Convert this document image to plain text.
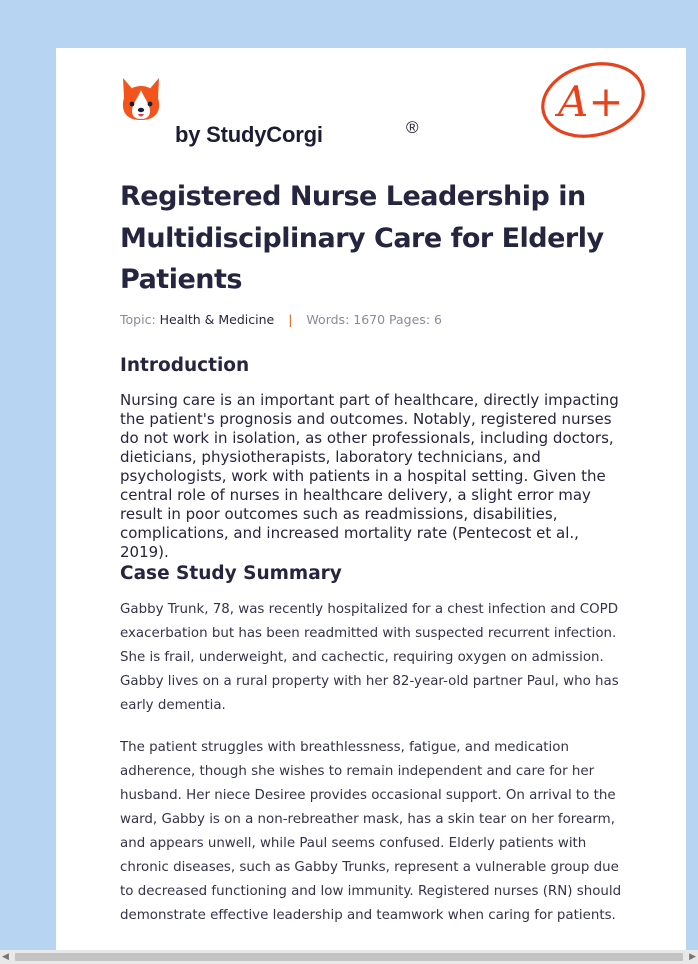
by StudyCorgi	®
A+
Registered Nurse Leadership in Multidisciplinary Care for Elderly Patients
Topic: Health & Medicine | Words: 1670 Pages: 6
Introduction

Nursing care is an important part of healthcare, directly impacting the patient's prognosis and outcomes. Notably, registered nurses do not work in isolation, as other professionals, including doctors, dieticians, physiotherapists, laboratory technicians, and psychologists, work with patients in a hospital setting. Given the central role of nurses in healthcare delivery, a slight error may result in poor outcomes such as readmissions, disabilities, complications, and increased mortality rate (Pentecost et al., 2019).

Case Study Summary

Gabby Trunk, 78, was recently hospitalized for a chest infection and COPD exacerbation but has been readmitted with suspected recurrent infection. She is frail, underweight, and cachectic, requiring oxygen on admission. Gabby lives on a rural property with her 82-year-old partner Paul, who has early dementia.

The patient struggles with breathlessness, fatigue, and medication adherence, though she wishes to remain independent and care for her husband. Her niece Desiree provides occasional support. On arrival to the ward, Gabby is on a non-rebreather mask, has a skin tear on her forearm, and appears unwell, while Paul seems confused. Elderly patients with chronic diseases, such as Gabby Trunks, represent a vulnerable group due to decreased functioning and low immunity. Registered nurses (RN) should demonstrate effective leadership and teamwork when caring for patients.

◀	▶
